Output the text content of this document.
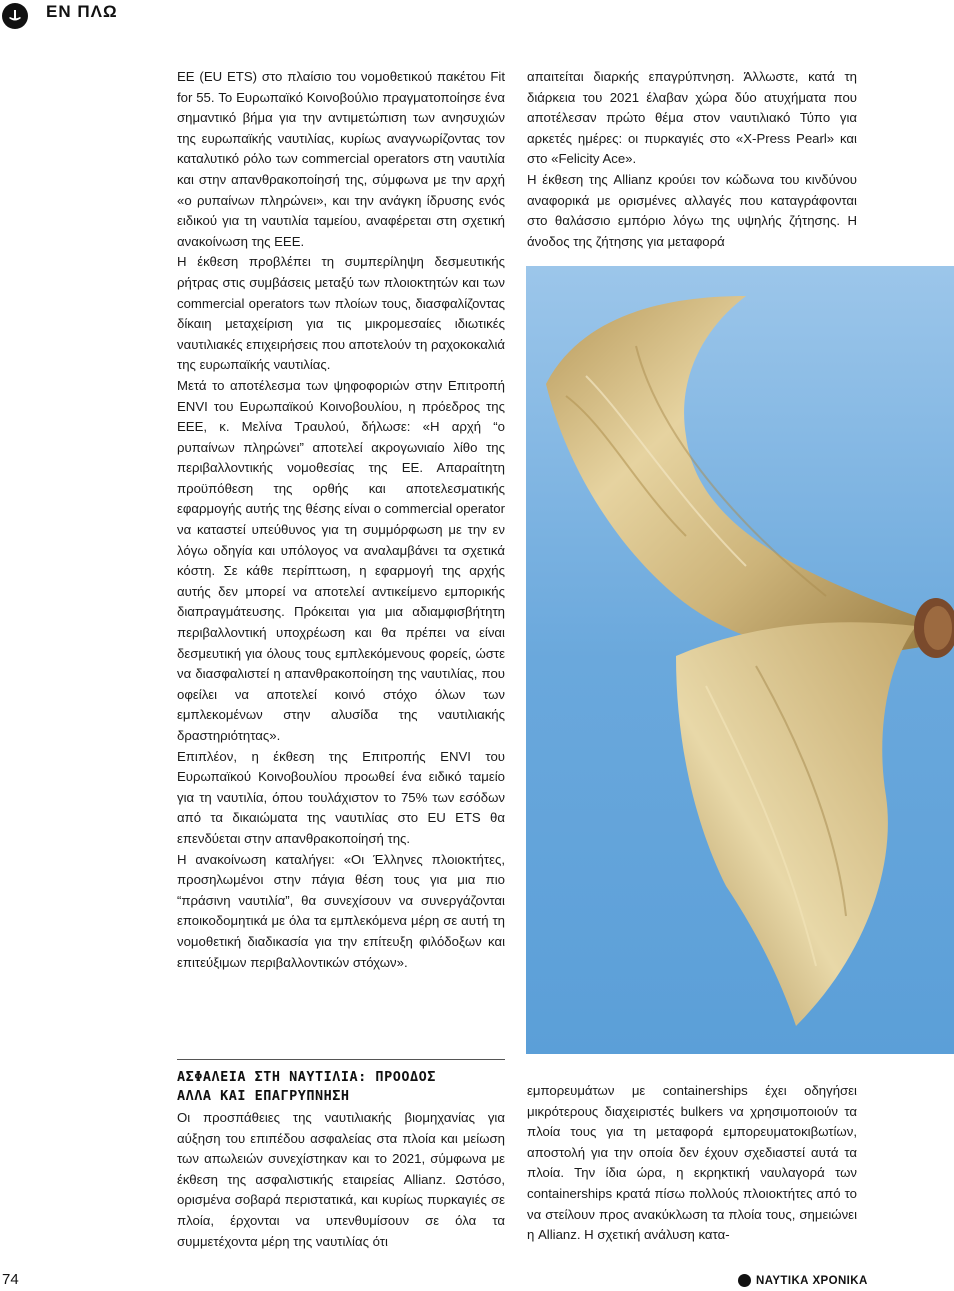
ΕΝ ΠΛΩ

ΕΕ (EU ETS) στο πλαίσιο του νομοθετικού πακέτου Fit for 55. Το Ευρωπαϊκό Κοινοβούλιο πραγματοποίησε ένα σημαντικό βήμα για την αντιμετώπιση των ανησυχιών της ευρωπαϊκής ναυτιλίας, κυρίως αναγνωρίζοντας τον καταλυτικό ρόλο των commercial operators στη ναυτιλία και στην απανθρακοποίησή της, σύμφωνα με την αρχή «ο ρυπαίνων πληρώνει», και την ανάγκη ίδρυσης ενός ειδικού για τη ναυτιλία ταμείου, αναφέρεται στη σχετική ανακοίνωση της ΕΕΕ.

Η έκθεση προβλέπει τη συμπερίληψη δεσμευτικής ρήτρας στις συμβάσεις μεταξύ των πλοιοκτητών και των commercial operators των πλοίων τους, διασφαλίζοντας δίκαιη μεταχείριση για τις μικρομεσαίες ιδιωτικές ναυτιλιακές επιχειρήσεις που αποτελούν τη ραχοκοκαλιά της ευρωπαϊκής ναυτιλίας.

Μετά το αποτέλεσμα των ψηφοφοριών στην Επιτροπή ENVI του Ευρωπαϊκού Κοινοβουλίου, η πρόεδρος της ΕΕΕ, κ. Μελίνα Τραυλού, δήλωσε: «Η αρχή “ο ρυπαίνων πληρώνει” αποτελεί ακρογωνιαίο λίθο της περιβαλλοντικής νομοθεσίας της ΕΕ. Απαραίτητη προϋπόθεση της ορθής και αποτελεσματικής εφαρμογής αυτής της θέσης είναι ο commercial operator να καταστεί υπεύθυνος για τη συμμόρφωση με την εν λόγω οδηγία και υπόλογος να αναλαμβάνει τα σχετικά κόστη. Σε κάθε περίπτωση, η εφαρμογή της αρχής αυτής δεν μπορεί να αποτελεί αντικείμενο εμπορικής διαπραγμάτευσης. Πρόκειται για μια αδιαμφισβήτητη περιβαλλοντική υποχρέωση και θα πρέπει να είναι δεσμευτική για όλους τους εμπλεκόμενους φορείς, ώστε να διασφαλιστεί η απανθρακοποίηση της ναυτιλίας, που οφείλει να αποτελεί κοινό στόχο όλων των εμπλεκομένων στην αλυσίδα της ναυτιλιακής δραστηριότητας».

Επιπλέον, η έκθεση της Επιτροπής ENVI του Ευρωπαϊκού Κοινοβουλίου προωθεί ένα ειδικό ταμείο για τη ναυτιλία, όπου τουλάχιστον το 75% των εσόδων από τα δικαιώματα της ναυτιλίας στο EU ETS θα επενδύεται στην απανθρακοποίησή της.

Η ανακοίνωση καταλήγει: «Οι Έλληνες πλοιοκτήτες, προσηλωμένοι στην πάγια θέση τους για μια πιο “πράσινη ναυτιλία”, θα συνεχίσουν να συνεργάζονται εποικοδομητικά με όλα τα εμπλεκόμενα μέρη σε αυτή τη νομοθετική διαδικασία για την επίτευξη φιλόδοξων και επιτεύξιμων περιβαλλοντικών στόχων».

απαιτείται διαρκής επαγρύπνηση. Άλλωστε, κατά τη διάρκεια του 2021 έλαβαν χώρα δύο ατυχήματα που αποτέλεσαν πρώτο θέμα στον ναυτιλιακό Τύπο για αρκετές ημέρες: οι πυρκαγιές στο «X-Press Pearl» και στο «Felicity Ace».

Η έκθεση της Allianz κρούει τον κώδωνα του κινδύνου αναφορικά με ορισμένες αλλαγές που καταγράφονται στο θαλάσσιο εμπόριο λόγω της υψηλής ζήτησης. Η άνοδος της ζήτησης για μεταφορά

ΑΣΦΑΛΕΙΑ ΣΤΗ ΝΑΥΤΙΛΙΑ: ΠΡΟΟΔΟΣ
ΑΛΛΑ ΚΑΙ ΕΠΑΓΡΥΠΝΗΣΗ

Οι προσπάθειες της ναυτιλιακής βιομηχανίας για αύξηση του επιπέδου ασφαλείας στα πλοία και μείωση των απωλειών συνεχίστηκαν και το 2021, σύμφωνα με έκθεση της ασφαλιστικής εταιρείας Allianz. Ωστόσο, ορισμένα σοβαρά περιστατικά, και κυρίως πυρκαγιές σε πλοία, έρχονται να υπενθυμίσουν σε όλα τα συμμετέχοντα μέρη της ναυτιλίας ότι

εμπορευμάτων με containerships έχει οδηγήσει μικρότερους διαχειριστές bulkers να χρησιμοποιούν τα πλοία τους για τη μεταφορά εμπορευματοκιβωτίων, αποστολή για την οποία δεν έχουν σχεδιαστεί αυτά τα πλοία. Την ίδια ώρα, η εκρηκτική ναυλαγορά των containerships κρατά πίσω πολλούς πλοιοκτήτες από το να στείλουν προς ανακύκλωση τα πλοία τους, σημειώνει η Allianz. Η σχετική ανάλυση κατα-

74	ΝΑΥΤΙΚΑ ΧΡΟΝΙΚΑ
